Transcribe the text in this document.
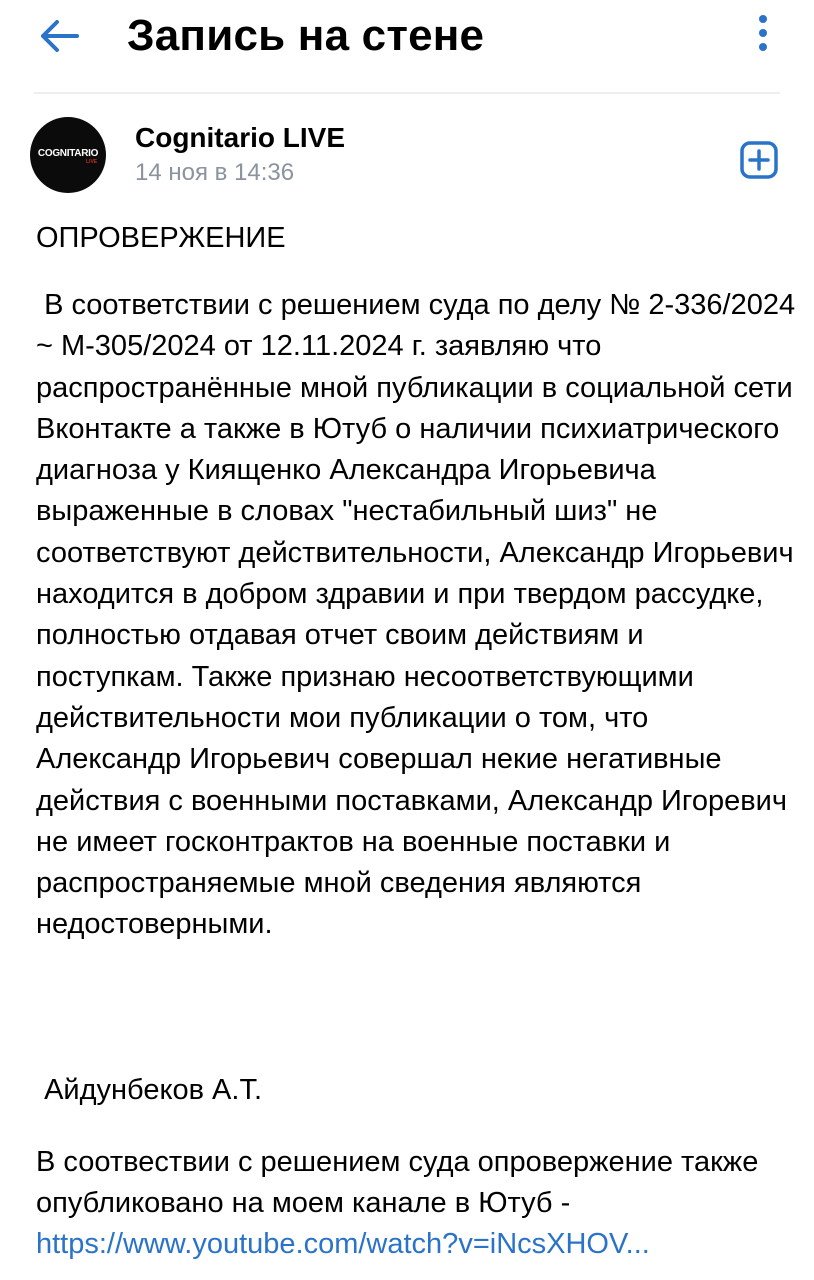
Запись на стене
COGNITARIO
LIVE
Cognitario LIVE
14 ноя в 14:36
ОПРОВЕРЖЕНИЕ
В соответствии с решением суда по делу № 2-336/2024 ~ М-305/2024 от 12.11.2024 г. заявляю что распространённые мной публикации в социальной сети Вконтакте а также в Ютуб о наличии психиатрического диагноза у Киященко Александра Игорьевича выраженные в словах "нестабильный шиз" не соответствуют действительности, Александр Игорьевич находится в добром здравии и при твердом рассудке, полностью отдавая отчет своим действиям и поступкам. Также признаю несоответствующими действительности мои публикации о том, что Александр Игорьевич совершал некие негативные действия с военными поставками, Александр Игоревич не имеет госконтрактов на военные поставки и распространяемые мной сведения являются недостоверными.
Айдунбеков А.Т.
В соотвествии с решением суда опровержение также опубликовано на моем канале в Ютуб -
https://www.youtube.com/watch?v=iNcsXHOV...
